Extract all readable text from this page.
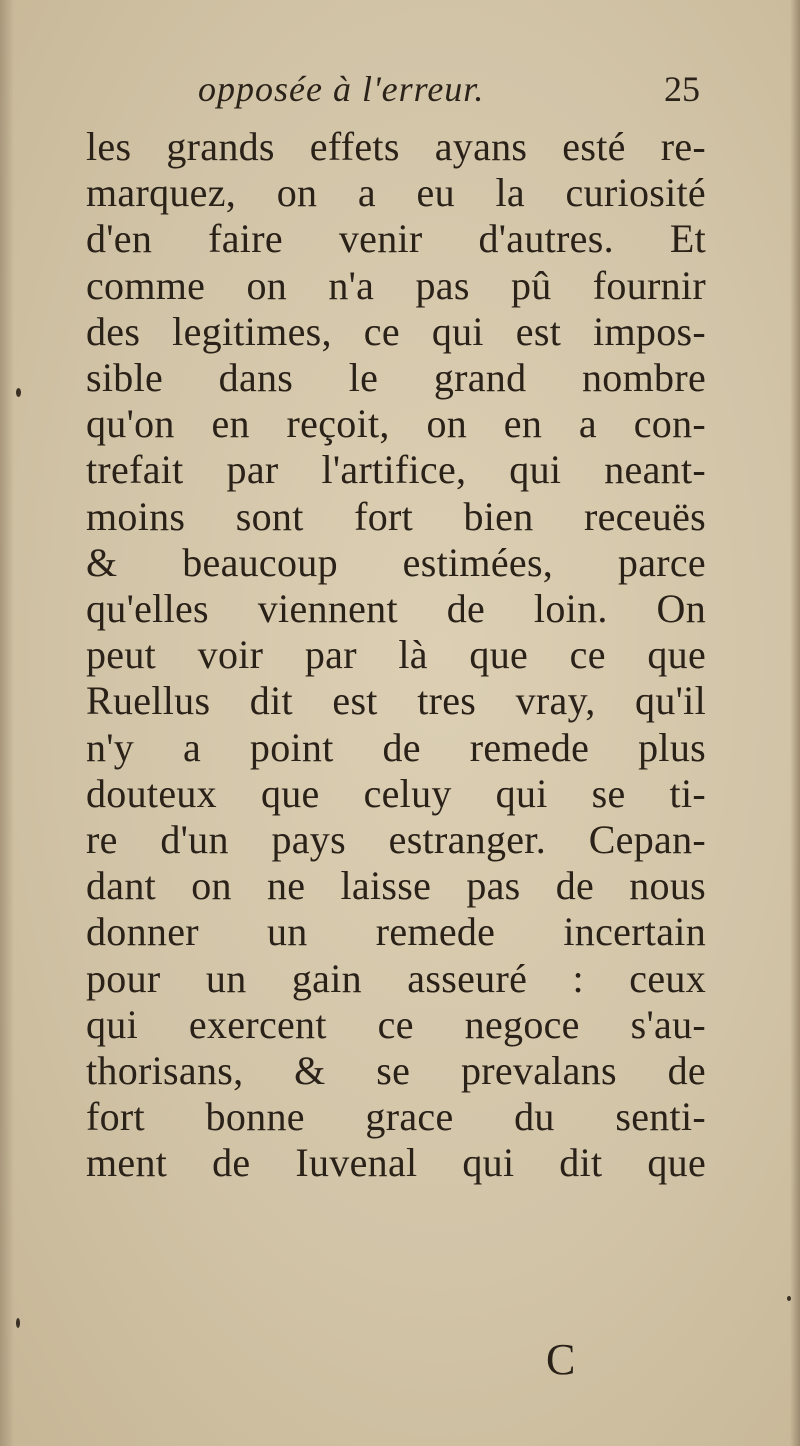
opposée à l'erreur.	25
les grands effets ayans esté re-
marquez, on a eu la curiosité
d'en faire venir d'autres. Et
comme on n'a pas pû fournir
des legitimes, ce qui est impos-
sible dans le grand nombre
qu'on en reçoit, on en a con-
trefait par l'artifice, qui neant-
moins sont fort bien receuës
& beaucoup estimées, parce
qu'elles viennent de loin. On
peut voir par là que ce que
Ruellus dit est tres vray, qu'il
n'y a point de remede plus
douteux que celuy qui se ti-
re d'un pays estranger. Cepan-
dant on ne laisse pas de nous
donner un remede incertain
pour un gain asseuré : ceux
qui exercent ce negoce s'au-
thorisans, & se prevalans de
fort bonne grace du senti-
ment de Iuvenal qui dit que
C
